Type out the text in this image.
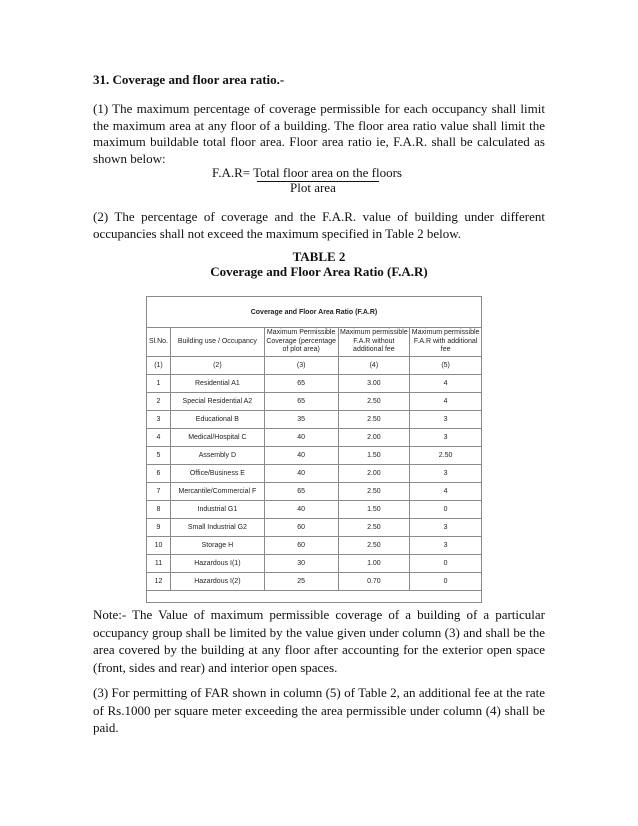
31. Coverage and floor area ratio.-
(1) The maximum percentage of coverage permissible for each occupancy shall limit the maximum area at any floor of a building. The floor area ratio value shall limit the maximum buildable total floor area. Floor area ratio ie, F.A.R. shall be calculated as shown below:
F.A.R= Total floor area on the floors
Plot area
(2) The percentage of coverage and the F.A.R. value of building under different occupancies shall not exceed the maximum specified in Table 2 below.
TABLE 2
Coverage and Floor Area Ratio (F.A.R)
Coverage and Floor Area Ratio (F.A.R)				
Sl.No.	Building use / Occupancy	Maximum Permissible Coverage (percentage of plot area)	Maximum permissible F.A.R without additional fee	Maximum permissible F.A.R with additional fee
(1)	(2)	(3)	(4)	(5)
1	Residential A1	65	3.00	4
2	Special Residential A2	65	2.50	4
3	Educational B	35	2.50	3
4	Medical/Hospital C	40	2.00	3
5	Assembly D	40	1.50	2.50
6	Office/Business E	40	2.00	3
7	Mercantile/Commercial F	65	2.50	4
8	Industrial G1	40	1.50	0
9	Small Industrial G2	60	2.50	3
10	Storage H	60	2.50	3
11	Hazardous I(1)	30	1.00	0
12	Hazardous I(2)	25	0.70	0

Note:- The Value of maximum permissible coverage of a building of a particular occupancy group shall be limited by the value given under column (3) and shall be the area covered by the building at any floor after accounting for the exterior open space (front, sides and rear) and interior open spaces.
(3) For permitting of FAR shown in column (5) of Table 2, an additional fee at the rate of Rs.1000 per square meter exceeding the area permissible under column (4) shall be paid.
